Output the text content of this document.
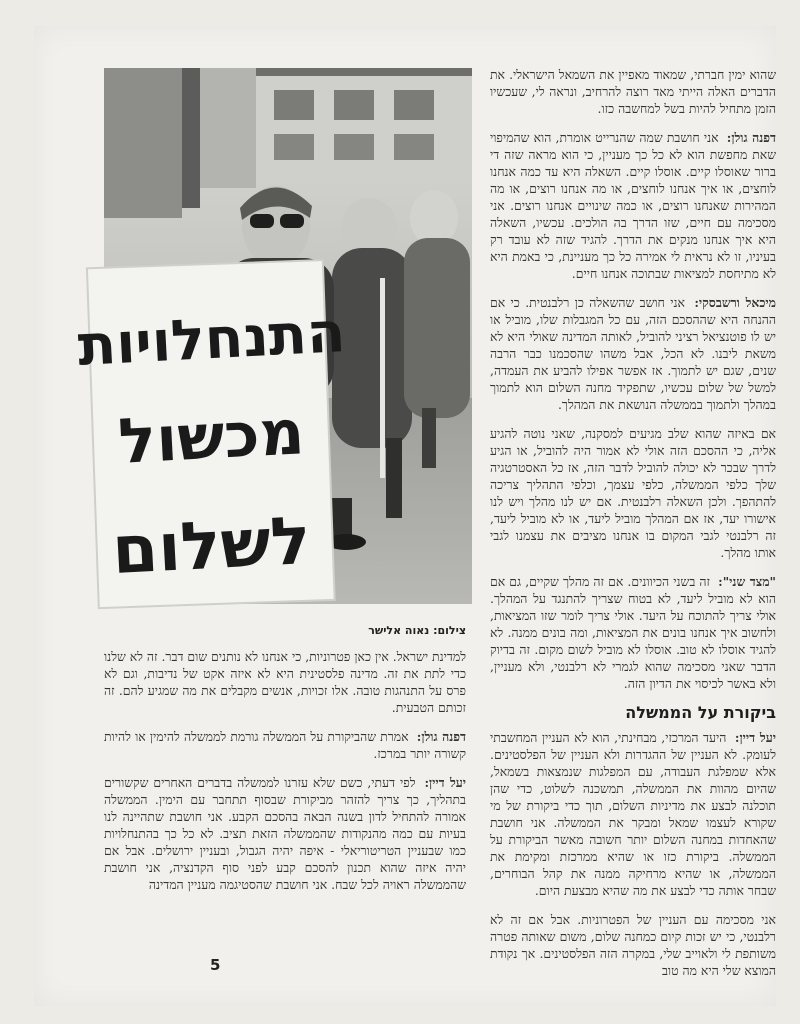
התנחלויות
מכשול
לשלום
צילום: נאוה אלישר

שהוא ימין חברתי, שמאוד מאפיין את השמאל הישראלי. את הדברים האלה הייתי מאד רוצה להרחיב, ונראה לי, שעכשיו הזמן מתחיל להיות בשל למחשבה כזו.

דפנה גולן: אני חושבת שמה שהנרייט אומרת, הוא שהמיפוי שאת מחפשת הוא לא כל כך מעניין, כי הוא מראה שזה די ברור שאוסלו קיים. אוסלו קיים. השאלה היא עד כמה אנחנו לוחצים, או איך אנחנו לוחצים, או מה אנחנו רוצים, או מה המהירות שאנחנו רוצים, או כמה שינויים אנחנו רוצים. אני מסכימה עם חיים, שזו הדרך בה הולכים. עכשיו, השאלה היא איך אנחנו מנקים את הדרך. להגיד שזה לא עובד רק בעיניו, זו לא נראית לי אמירה כל כך מעניינת, כי באמת היא לא מתיחסת למציאות שבתוכה אנחנו חיים.

מיכאל ורשבסקי: אני חושב שהשאלה כן רלבנטית. כי אם ההנחה היא שההסכם הזה, עם כל המגבלות שלו, מוביל או יש לו פוטנציאל רציני להוביל, לאותה המדינה שאולי היא לא משאת ליבנו. לא הכל, אבל משהו שהסכמנו כבר הרבה שנים, שגם יש לתמוך. אז אפשר אפילו להביע את העמדה, למשל של שלום עכשיו, שתפקיד מחנה השלום הוא לתמוך במהלך ולתמוך בממשלה הנושאת את המהלך.

אם באיזה שהוא שלב מגיעים למסקנה, שאני נוטה להגיע אליה, כי ההסכם הזה אולי לא אמור היה להוביל, או הגיע לדרך שבכר לא יכולה להוביל לדבר הזה, אז כל האסטרטגיה שלך כלפי הממשלה, כלפי עצמך, וכלפי התהליך צריכה להתהפך. ולכן השאלה רלבנטית. אם יש לנו מהלך ויש לנו אישורו יעד, אז אם המהלך מוביל ליעד, או לא מוביל ליעד, זה רלבנטי לגבי המקום בו אנחנו מציבים את עצמנו לגבי אותו מהלך.

"מצד שני": זה בשני הכיוונים. אם זה מהלך שקיים, גם אם הוא לא מוביל ליעד, לא בטוח שצריך להתנגד על המהלך. אולי צריך להתוכח על היעד. אולי צריך לומר שזו המציאות, ולחשוב איך אנחנו בונים את המציאות, ומה בונים ממנה. לא להגיד אוסלו לא טוב. אוסלו לא מוביל לשום מקום. זה בדיוק הדבר שאני מסכימה שהוא לגמרי לא רלבנטי, ולא מעניין, ולא באשר לכיסוי את הדיון הזה.

ביקורת על הממשלה

יעל דיין: היעד המרכזי, מבחינתי, הוא לא העניין המחשבתי לעומק. לא העניין של ההגדרות ולא העניין של הפלסטינים. אלא שמפלגת העבודה, עם המפלגות שנמצאות בשמאל, שהיום מהוות את הממשלה, תמשכנה לשלוט, כדי שהן תוכלנה לבצע את מדיניות השלום, תוך כדי ביקורת של מי שקורא לעצמו שמאל ומבקר את הממשלה. אני חושבת שהאחדות במחנה השלום יותר חשובה מאשר הביקורת על הממשלה. ביקורת כזו או שהיא ממרכזת ומקימת את הממשלה, או שהיא מרחיקה ממנה את קהל הבוחרים, שבחר אותה כדי לבצע את מה שהיא מבצעת היום.

אני מסכימה עם העניין של הפטרוניות. אבל אם זה לא רלבנטי, כי יש זכות קיום כמחנה שלום, משום שאותה פטרה משותפת לי ולאוייב שלי, במקרה הזה הפלסטינים. אך נקודת המוצא שלי היא מה טוב

למדינת ישראל. אין כאן פטרוניות, כי אנחנו לא נותנים שום דבר. זה לא שלנו כדי לתת את זה. מדינה פלסטינית היא לא איזה אקט של נדיבות, וגם לא פרס על התנהגות טובה. אלו זכויות, אנשים מקבלים את מה שמגיע להם. זה זכותם הטבעית.

דפנה גולן: אמרת שהביקורת על הממשלה גורמת לממשלה להימין או להיות קשורה יותר במרכז.

יעל דיין: לפי דעתי, כשם שלא עזרנו לממשלה בדברים האחרים שקשורים בתהליך, כך צריך להזהר מביקורת שבסוף תתחבר עם הימין. הממשלה אמורה להתחיל לדון בשנה הבאה בהסכם הקבע. אני חושבת שתהיינה לנו בעיות עם כמה מהנקודות שהממשלה הזאת תציב. לא כל כך בהתנחלויות כמו שבעניין הטריטוריאלי - איפה יהיה הגבול, ובעניין ירושלים. אבל אם יהיה איזה שהוא תכנון להסכם קבע לפני סוף הקדנציה, אני חושבת שהממשלה ראויה לכל שבח. אני חושבת שהסטיגמה מעניין המדינה

5
